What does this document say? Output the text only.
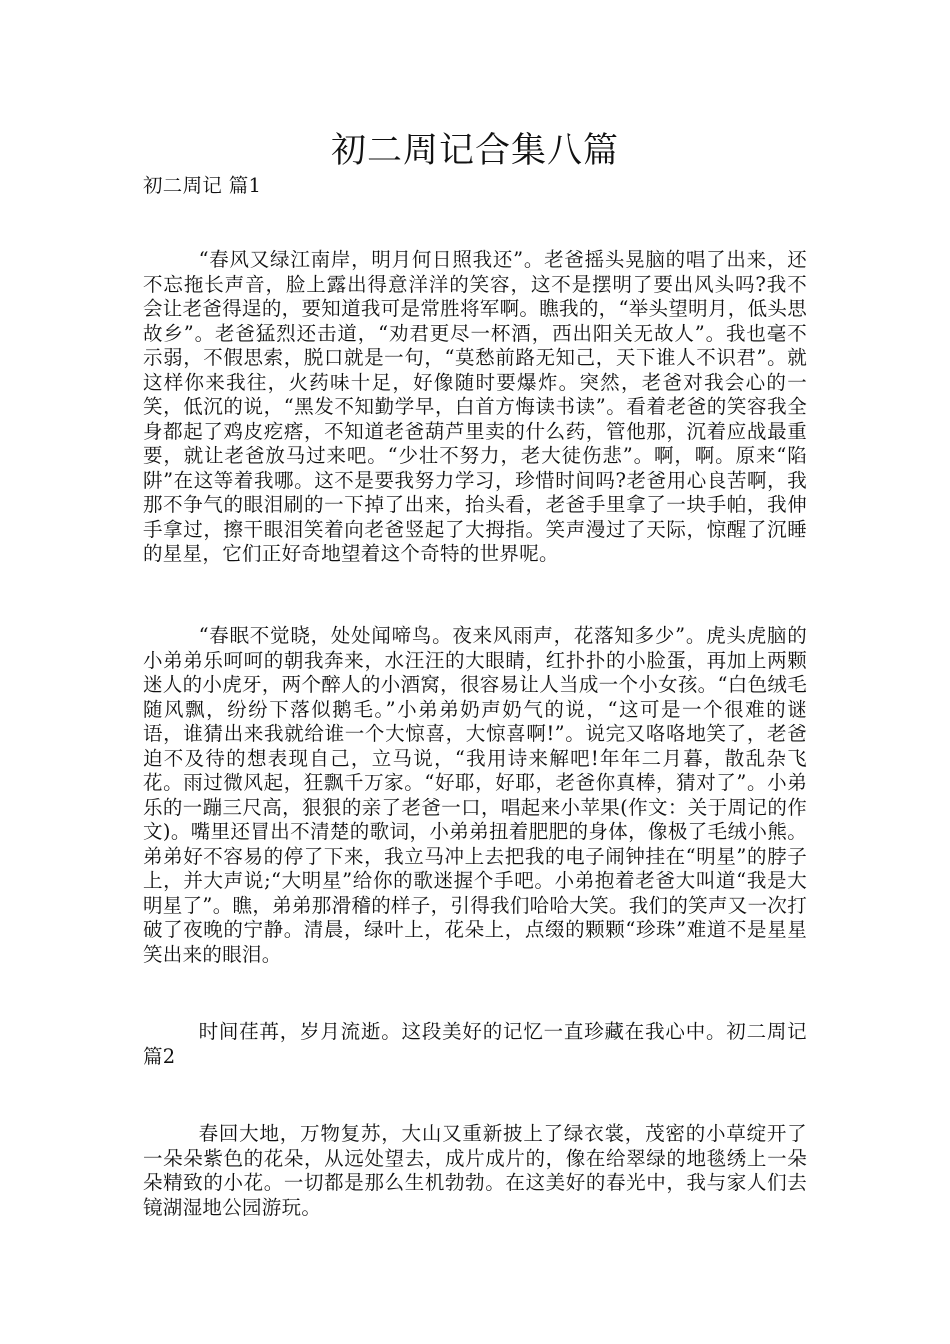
初二周记合集八篇

初二周记 篇1

“春风又绿江南岸，明月何日照我还”。老爸摇头晃脑的唱了出来，还不忘拖长声音，脸上露出得意洋洋的笑容，这不是摆明了要出风头吗?我不会让老爸得逞的，要知道我可是常胜将军啊。瞧我的，“举头望明月，低头思故乡”。老爸猛烈还击道，“劝君更尽一杯酒，西出阳关无故人”。我也毫不示弱，不假思索，脱口就是一句，“莫愁前路无知己，天下谁人不识君”。就这样你来我往，火药味十足，好像随时要爆炸。突然，老爸对我会心的一笑，低沉的说，“黑发不知勤学早，白首方悔读书读”。看着老爸的笑容我全身都起了鸡皮疙瘩，不知道老爸葫芦里卖的什么药，管他那，沉着应战最重要，就让老爸放马过来吧。“少壮不努力，老大徒伤悲”。啊，啊。原来“陷阱”在这等着我哪。这不是要我努力学习，珍惜时间吗?老爸用心良苦啊，我那不争气的眼泪刷的一下掉了出来，抬头看，老爸手里拿了一块手帕，我伸手拿过，擦干眼泪笑着向老爸竖起了大拇指。笑声漫过了天际，惊醒了沉睡的星星，它们正好奇地望着这个奇特的世界呢。

“春眠不觉晓，处处闻啼鸟。夜来风雨声，花落知多少”。虎头虎脑的小弟弟乐呵呵的朝我奔来，水汪汪的大眼睛，红扑扑的小脸蛋，再加上两颗迷人的小虎牙，两个醉人的小酒窝，很容易让人当成一个小女孩。“白色绒毛随风飘，纷纷下落似鹅毛。”小弟弟奶声奶气的说，“这可是一个很难的谜语，谁猜出来我就给谁一个大惊喜，大惊喜啊!”。说完又咯咯地笑了，老爸迫不及待的想表现自己，立马说，“我用诗来解吧!年年二月暮，散乱杂飞花。雨过微风起，狂飘千万家。“好耶，好耶，老爸你真棒，猜对了”。小弟乐的一蹦三尺高，狠狠的亲了老爸一口，唱起来小苹果(作文：关于周记的作文)。嘴里还冒出不清楚的歌词，小弟弟扭着肥肥的身体，像极了毛绒小熊。弟弟好不容易的停了下来，我立马冲上去把我的电子闹钟挂在“明星”的脖子上，并大声说;“大明星”给你的歌迷握个手吧。小弟抱着老爸大叫道“我是大明星了”。瞧，弟弟那滑稽的样子，引得我们哈哈大笑。我们的笑声又一次打破了夜晚的宁静。清晨，绿叶上，花朵上，点缀的颗颗“珍珠”难道不是星星笑出来的眼泪。

时间荏苒，岁月流逝。这段美好的记忆一直珍藏在我心中。初二周记 篇2

春回大地，万物复苏，大山又重新披上了绿衣裳，茂密的小草绽开了一朵朵紫色的花朵，从远处望去，成片成片的，像在给翠绿的地毯绣上一朵朵精致的小花。一切都是那么生机勃勃。在这美好的春光中，我与家人们去镜湖湿地公园游玩。
